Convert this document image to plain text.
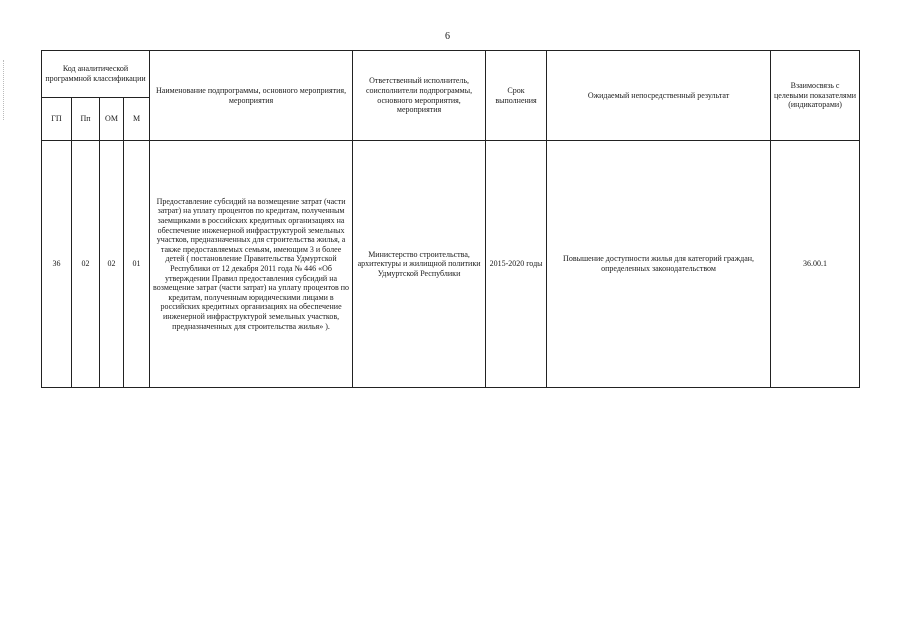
6
Код аналитической программной классификации				Наименование подпрограммы, основного мероприятия, мероприятия	Ответственный исполнитель, соисполнители подпрограммы, основного мероприятия, мероприятия	Срок выполнения	Ожидаемый непосредственный результат	Взаимосвязь с целевыми показателями (индикаторами)
ГП	Пп	ОМ	М					
36	02	02	01	Предоставление субсидий на возмещение затрат (части затрат) на уплату процентов по кредитам, полученным заемщиками в российских кредитных организациях на обеспечение инженерной инфраструктурой земельных участков, предназначенных для строительства жилья, а также предоставляемых семьям, имеющим 3 и более детей ( постановление Правительства Удмуртской Республики от 12 декабря 2011 года № 446 «Об утверждении Правил предоставления субсидий на возмещение затрат (части затрат) на уплату процентов по кредитам, полученным юридическими лицами в российских кредитных организациях на обеспечение инженерной инфраструктурой земельных участков, предназначенных для строительства жилья» ).	Министерство строительства, архитектуры и жилищной политики Удмуртской Республики	2015-2020 годы	Повышение доступности жилья для категорий граждан, определенных законодательством	36.00.1
